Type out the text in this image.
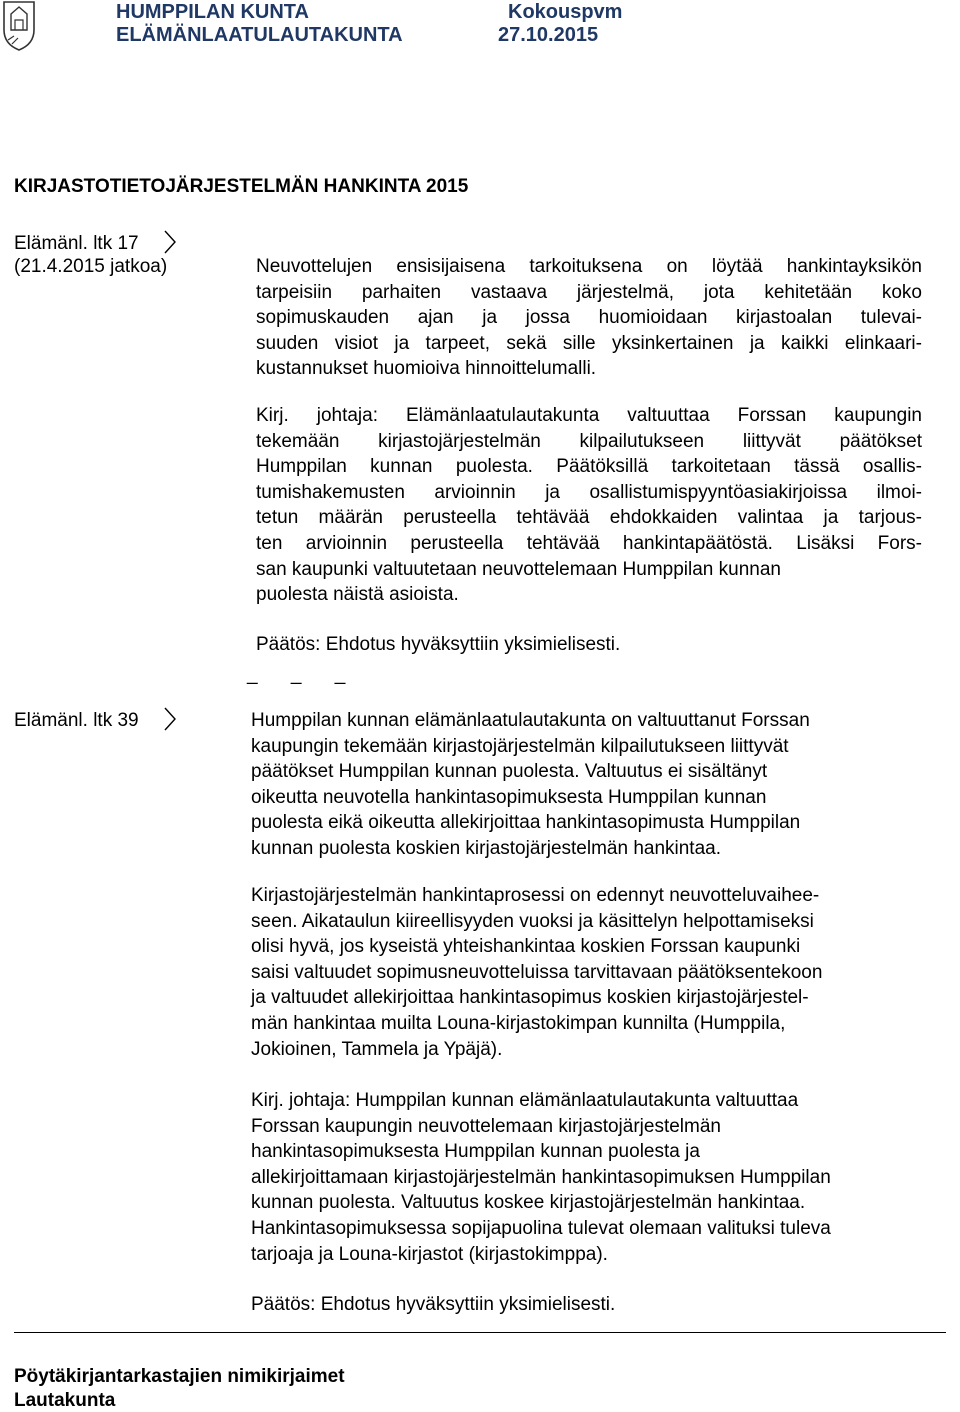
HUMPPILAN KUNTA
ELÄMÄNLAATULAUTAKUNTA
Kokouspvm
27.10.2015
KIRJASTOTIETOJÄRJESTELMÄN HANKINTA 2015
Elämänl. ltk 17
(21.4.2015 jatkoa)	Neuvottelujen ensisijaisena tarkoituksena on löytää hankintayksikön
tarpeisiin parhaiten vastaava järjestelmä, jota kehitetään koko
sopimuskauden ajan ja jossa huomioidaan kirjastoalan tulevai-
suuden visiot ja tarpeet, sekä sille yksinkertainen ja kaikki elinkaari-
kustannukset huomioiva hinnoittelumalli.
Kirj. johtaja: Elämänlaatulautakunta valtuuttaa Forssan kaupungin
tekemään kirjastojärjestelmän kilpailutukseen liittyvät päätökset
Humppilan kunnan puolesta. Päätöksillä tarkoitetaan tässä osallis-
tumishakemusten arvioinnin ja osallistumispyyntöasiakirjoissa ilmoi-
tetun määrän perusteella tehtävää ehdokkaiden valintaa ja tarjous-
ten arvioinnin perusteella tehtävää hankintapäätöstä. Lisäksi Fors-
san kaupunki valtuutetaan neuvottelemaan Humppilan kunnan
puolesta näistä asioista.
Päätös: Ehdotus hyväksyttiin yksimielisesti.
_ _ _
Elämänl. ltk 39	Humppilan kunnan elämänlaatulautakunta on valtuuttanut Forssan
kaupungin tekemään kirjastojärjestelmän kilpailutukseen liittyvät
päätökset Humppilan kunnan puolesta. Valtuutus ei sisältänyt
oikeutta neuvotella hankintasopimuksesta Humppilan kunnan
puolesta eikä oikeutta allekirjoittaa hankintasopimusta Humppilan
kunnan puolesta koskien kirjastojärjestelmän hankintaa.
Kirjastojärjestelmän hankintaprosessi on edennyt neuvotteluvaihee-
seen. Aikataulun kiireellisyyden vuoksi ja käsittelyn helpottamiseksi
olisi hyvä, jos kyseistä yhteishankintaa koskien Forssan kaupunki
saisi valtuudet sopimusneuvotteluissa tarvittavaan päätöksentekoon
ja valtuudet allekirjoittaa hankintasopimus koskien kirjastojärjestel-
män hankintaa muilta Louna-kirjastokimpan kunnilta (Humppila,
Jokioinen, Tammela ja Ypäjä).
Kirj. johtaja: Humppilan kunnan elämänlaatulautakunta valtuuttaa
Forssan kaupungin neuvottelemaan kirjastojärjestelmän
hankintasopimuksesta Humppilan kunnan puolesta ja
allekirjoittamaan kirjastojärjestelmän hankintasopimuksen Humppilan
kunnan puolesta. Valtuutus koskee kirjastojärjestelmän hankintaa.
Hankintasopimuksessa sopijapuolina tulevat olemaan valituksi tuleva
tarjoaja ja Louna-kirjastot (kirjastokimppa).
Päätös: Ehdotus hyväksyttiin yksimielisesti.
Pöytäkirjantarkastajien nimikirjaimet
Lautakunta
